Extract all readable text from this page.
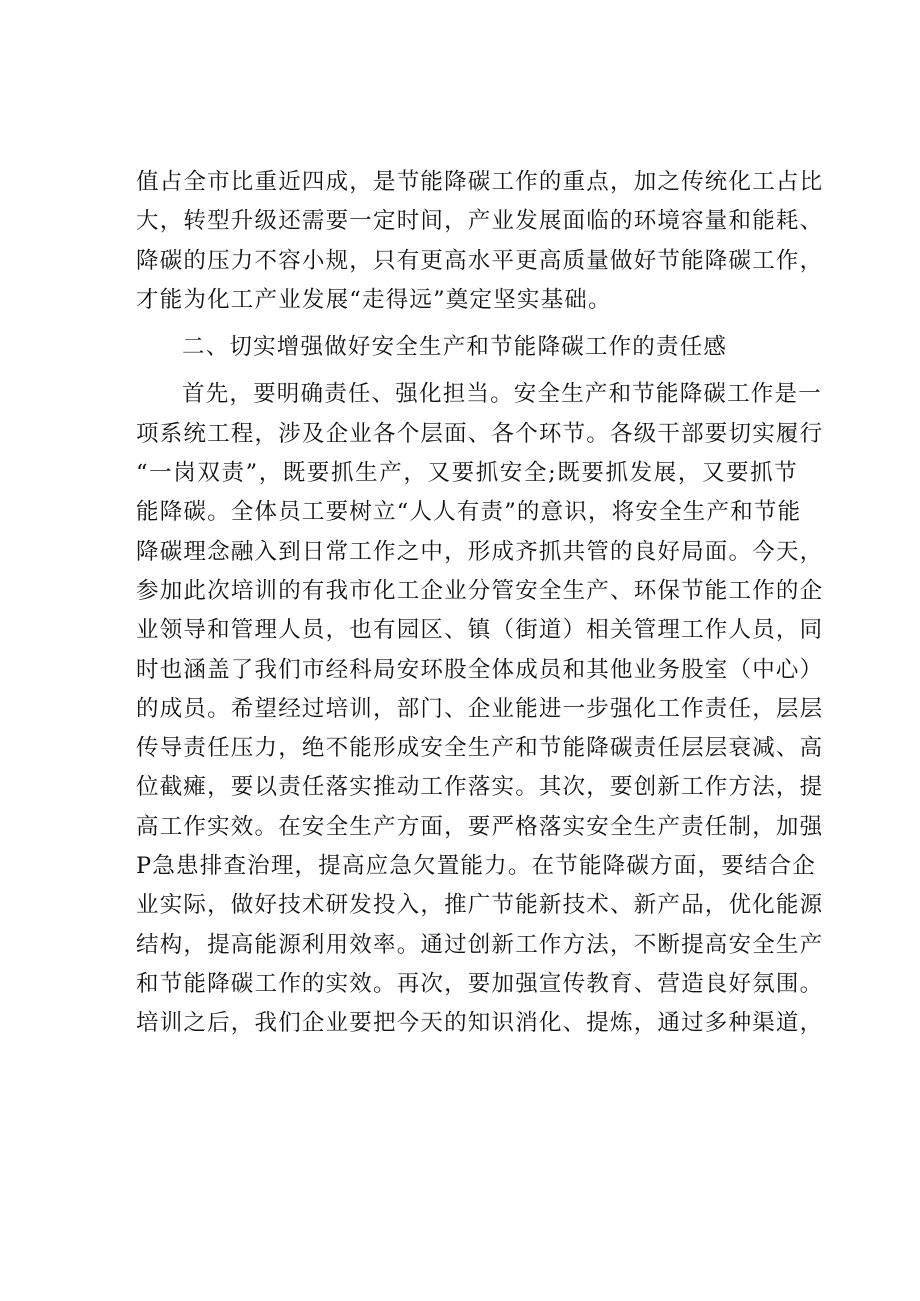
值占全市比重近四成，是节能降碳工作的重点，加之传统化工占比
大，转型升级还需要一定时间，产业发展面临的环境容量和能耗、
降碳的压力不容小规，只有更高水平更高质量做好节能降碳工作，
才能为化工产业发展“走得远”奠定坚实基础。
二、切实增强做好安全生产和节能降碳工作的责任感
首先，要明确责任、强化担当。安全生产和节能降碳工作是一
项系统工程，涉及企业各个层面、各个环节。各级干部要切实履行
“一岗双责”，既要抓生产，又要抓安全;既要抓发展，又要抓节
能降碳。全体员工要树立“人人有责”的意识，将安全生产和节能
降碳理念融入到日常工作之中，形成齐抓共管的良好局面。今天，
参加此次培训的有我市化工企业分管安全生产、环保节能工作的企
业领导和管理人员，也有园区、镇（街道）相关管理工作人员，同
时也涵盖了我们市经科局安环股全体成员和其他业务股室（中心）
的成员。希望经过培训，部门、企业能进一步强化工作责任，层层
传导责任压力，绝不能形成安全生产和节能降碳责任层层衰减、高
位截瘫，要以责任落实推动工作落实。其次，要创新工作方法，提
高工作实效。在安全生产方面，要严格落实安全生产责任制，加强
P急患排查治理，提高应急欠置能力。在节能降碳方面，要结合企
业实际，做好技术研发投入，推广节能新技术、新产品，优化能源
结构，提高能源利用效率。通过创新工作方法，不断提高安全生产
和节能降碳工作的实效。再次，要加强宣传教育、营造良好氛围。
培训之后，我们企业要把今天的知识消化、提炼，通过多种渠道，
